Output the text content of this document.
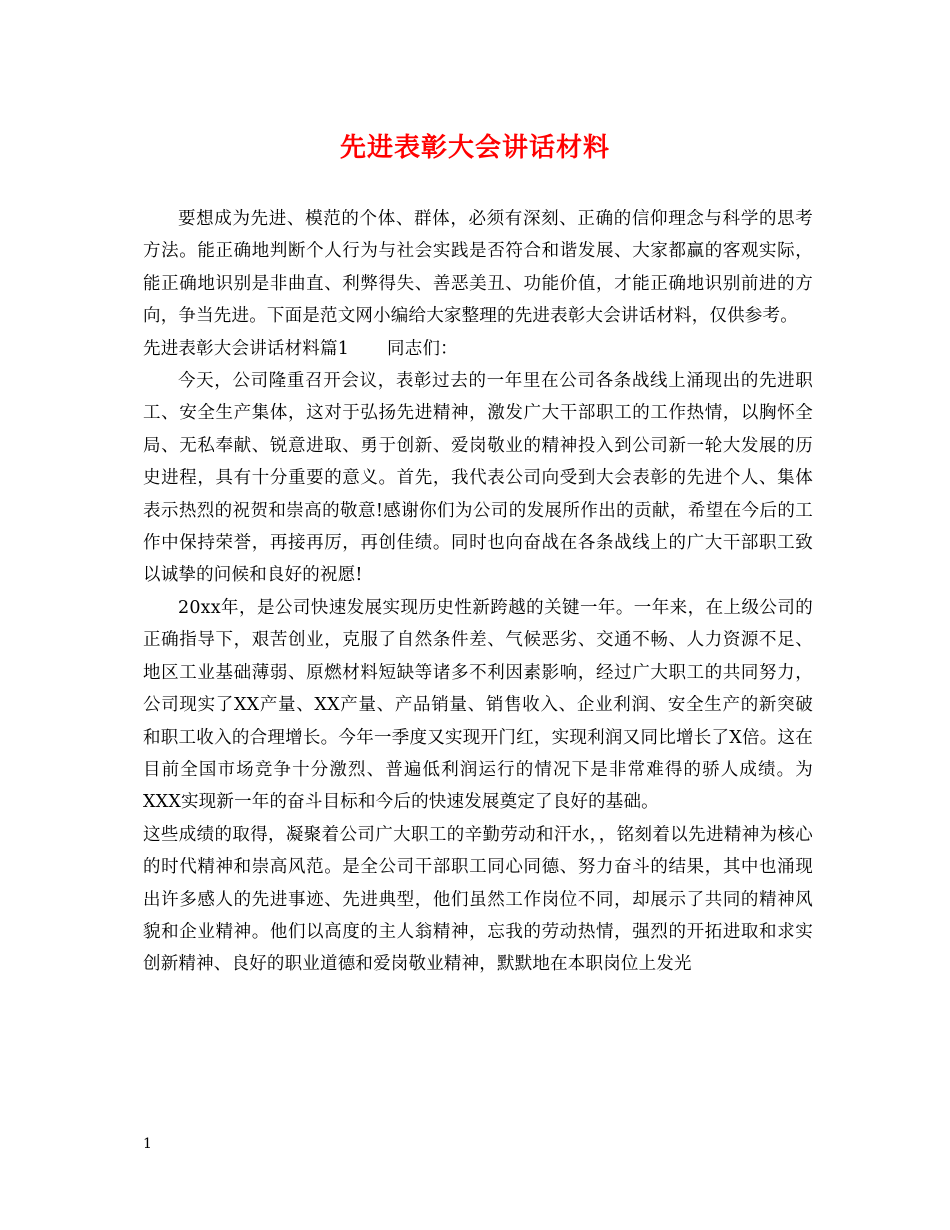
先进表彰大会讲话材料

要想成为先进、模范的个体、群体，必须有深刻、正确的信仰理念与科学的思考方法。能正确地判断个人行为与社会实践是否符合和谐发展、大家都赢的客观实际，能正确地识别是非曲直、利弊得失、善恶美丑、功能价值，才能正确地识别前进的方向，争当先进。下面是范文网小编给大家整理的先进表彰大会讲话材料，仅供参考。

先进表彰大会讲话材料篇1 同志们：

今天，公司隆重召开会议，表彰过去的一年里在公司各条战线上涌现出的先进职工、安全生产集体，这对于弘扬先进精神，激发广大干部职工的工作热情，以胸怀全局、无私奉献、锐意进取、勇于创新、爱岗敬业的精神投入到公司新一轮大发展的历史进程，具有十分重要的意义。首先，我代表公司向受到大会表彰的先进个人、集体表示热烈的祝贺和崇高的敬意!感谢你们为公司的发展所作出的贡献，希望在今后的工作中保持荣誉，再接再厉，再创佳绩。同时也向奋战在各条战线上的广大干部职工致以诚挚的问候和良好的祝愿!

20xx年，是公司快速发展实现历史性新跨越的关键一年。一年来，在上级公司的正确指导下，艰苦创业，克服了自然条件差、气候恶劣、交通不畅、人力资源不足、地区工业基础薄弱、原燃材料短缺等诸多不利因素影响，经过广大职工的共同努力，公司现实了XX产量、XX产量、产品销量、销售收入、企业利润、安全生产的新突破和职工收入的合理增长。今年一季度又实现开门红，实现利润又同比增长了X倍。这在目前全国市场竞争十分激烈、普遍低利润运行的情况下是非常难得的骄人成绩。为XXX实现新一年的奋斗目标和今后的快速发展奠定了良好的基础。

这些成绩的取得，凝聚着公司广大职工的辛勤劳动和汗水，，铭刻着以先进精神为核心的时代精神和崇高风范。是全公司干部职工同心同德、努力奋斗的结果，其中也涌现出许多感人的先进事迹、先进典型，他们虽然工作岗位不同，却展示了共同的精神风貌和企业精神。他们以高度的主人翁精神，忘我的劳动热情，强烈的开拓进取和求实创新精神、良好的职业道德和爱岗敬业精神，默默地在本职岗位上发光

1
